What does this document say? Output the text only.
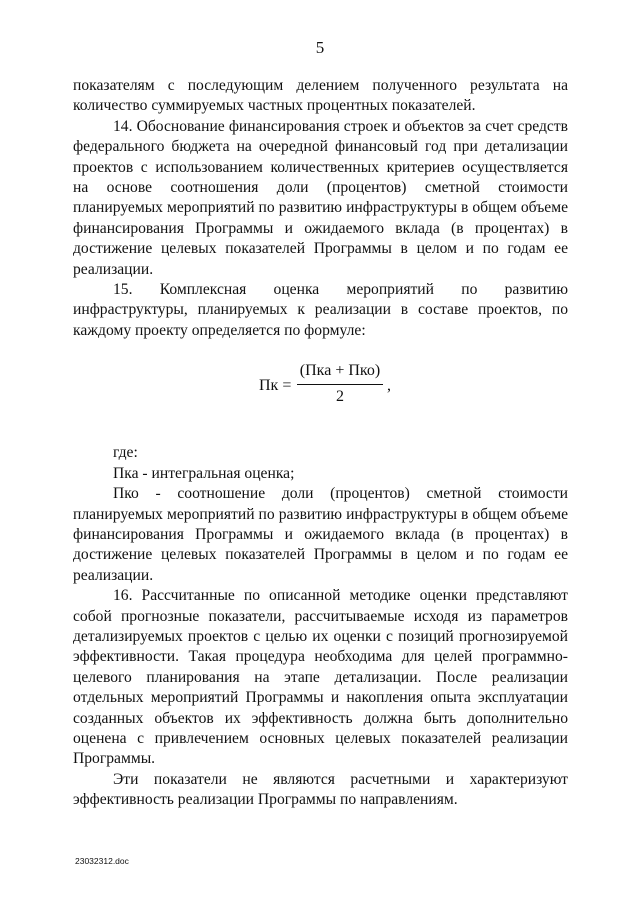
5

показателям с последующим делением полученного результата на количество суммируемых частных процентных показателей.

14. Обоснование финансирования строек и объектов за счет средств федерального бюджета на очередной финансовый год при детализации проектов с использованием количественных критериев осуществляется на основе соотношения доли (процентов) сметной стоимости планируемых мероприятий по развитию инфраструктуры в общем объеме финансирования Программы и ожидаемого вклада (в процентах) в достижение целевых показателей Программы в целом и по годам ее реализации.

15. Комплексная оценка мероприятий по развитию инфраструктуры, планируемых к реализации в составе проектов, по каждому проекту определяется по формуле:

Пк =
(Пка + Пко)
2
,

где:

Пка - интегральная оценка;

Пко - соотношение доли (процентов) сметной стоимости планируемых мероприятий по развитию инфраструктуры в общем объеме финансирования Программы и ожидаемого вклада (в процентах) в достижение целевых показателей Программы в целом и по годам ее реализации.

16. Рассчитанные по описанной методике оценки представляют собой прогнозные показатели, рассчитываемые исходя из параметров детализируемых проектов с целью их оценки с позиций прогнозируемой эффективности. Такая процедура необходима для целей программно-целевого планирования на этапе детализации. После реализации отдельных мероприятий Программы и накопления опыта эксплуатации созданных объектов их эффективность должна быть дополнительно оценена с привлечением основных целевых показателей реализации Программы.

Эти показатели не являются расчетными и характеризуют эффективность реализации Программы по направлениям.

23032312.doc
